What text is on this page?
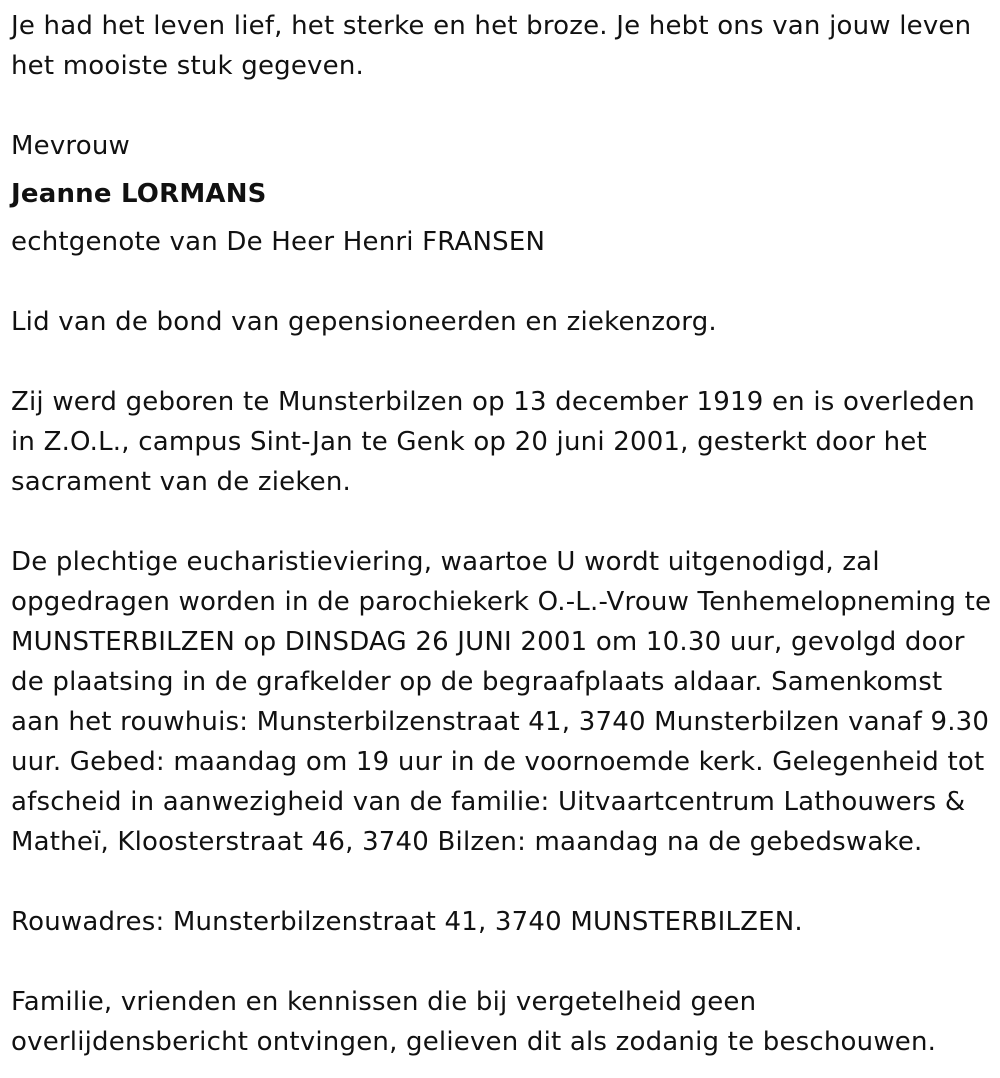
Je had het leven lief, het sterke en het broze. Je hebt ons van jouw leven het mooiste stuk gegeven.

Mevrouw

Jeanne LORMANS

echtgenote van De Heer Henri FRANSEN

Lid van de bond van gepensioneerden en ziekenzorg.

Zij werd geboren te Munsterbilzen op 13 december 1919 en is overleden in Z.O.L., campus Sint-Jan te Genk op 20 juni 2001, gesterkt door het sacrament van de zieken.

De plechtige eucharistieviering, waartoe U wordt uitgenodigd, zal opgedragen worden in de parochiekerk O.-L.-Vrouw Tenhemelopneming te MUNSTERBILZEN op DINSDAG 26 JUNI 2001 om 10.30 uur, gevolgd door de plaatsing in de grafkelder op de begraafplaats aldaar. Samenkomst aan het rouwhuis: Munsterbilzenstraat 41, 3740 Munsterbilzen vanaf 9.30 uur. Gebed: maandag om 19 uur in de voornoemde kerk. Gelegenheid tot afscheid in aanwezigheid van de familie: Uitvaartcentrum Lathouwers & Matheï, Kloosterstraat 46, 3740 Bilzen: maandag na de gebedswake.

Rouwadres: Munsterbilzenstraat 41, 3740 MUNSTERBILZEN.

Familie, vrienden en kennissen die bij vergetelheid geen overlijdensbericht ontvingen, gelieven dit als zodanig te beschouwen.
